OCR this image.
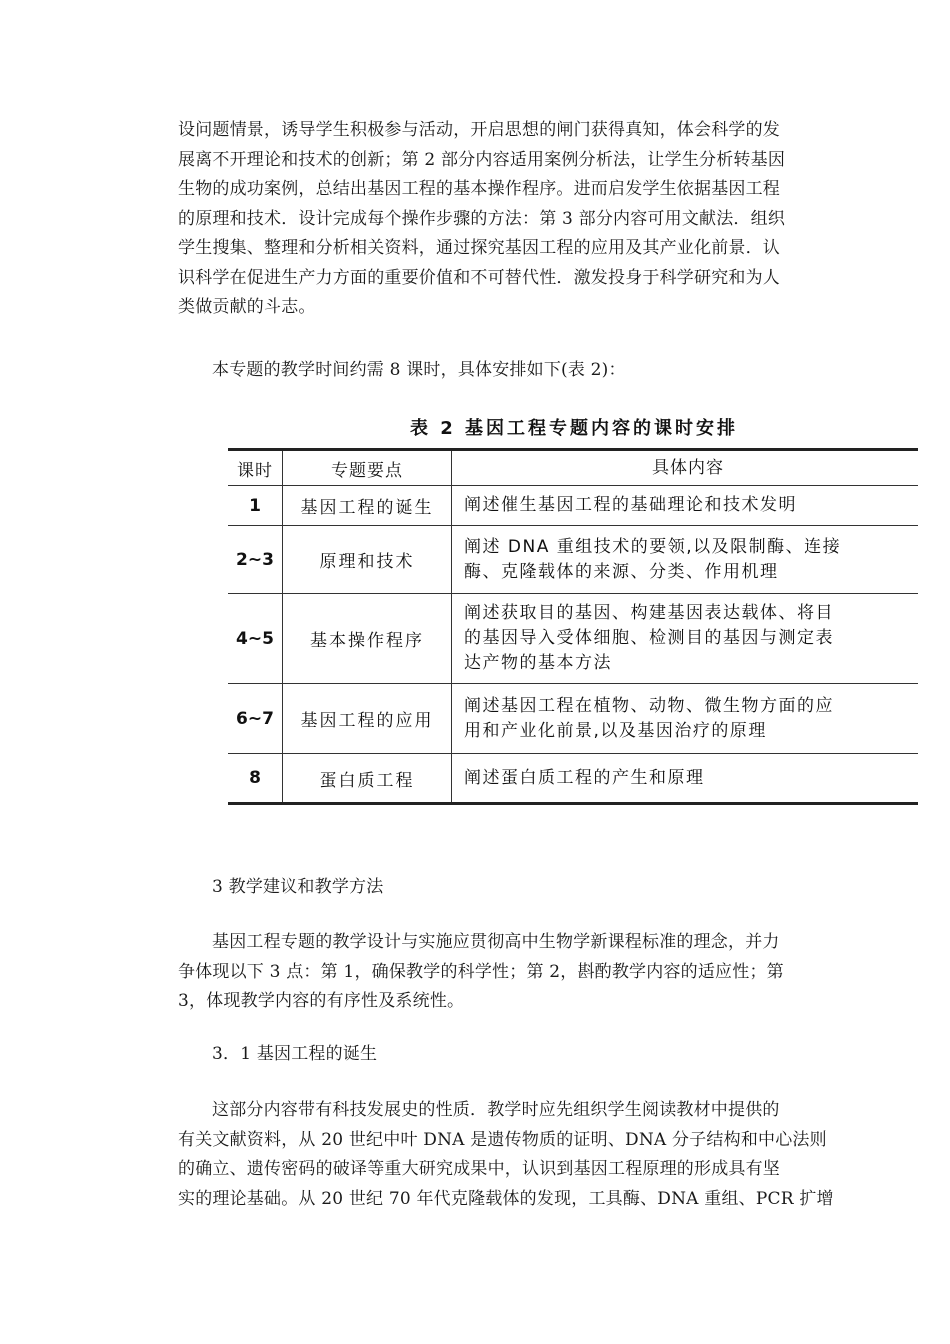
设问题情景，诱导学生积极参与活动，开启思想的闸门获得真知，体会科学的发
展离不开理论和技术的创新；第 2 部分内容适用案例分析法，让学生分析转基因
生物的成功案例，总结出基因工程的基本操作程序。进而启发学生依据基因工程
的原理和技术．设计完成每个操作步骤的方法：第 3 部分内容可用文献法．组织
学生搜集、整理和分析相关资料，通过探究基因工程的应用及其产业化前景．认
识科学在促进生产力方面的重要价值和不可替代性．激发投身于科学研究和为人
类做贡献的斗志。
本专题的教学时间约需 8 课时，具体安排如下(表 2)：
表 2 基因工程专题内容的课时安排
课时	专题要点	具体内容
1	基因工程的诞生	阐述催生基因工程的基础理论和技术发明

2~3	原理和技术	阐述 DNA 重组技术的要领,以及限制酶、连接
酶、克隆载体的来源、分类、作用机理

4~5	基本操作程序	阐述获取目的基因、构建基因表达载体、将目
的基因导入受体细胞、检测目的基因与测定表
达产物的基本方法

6~7	基因工程的应用	阐述基因工程在植物、动物、微生物方面的应
用和产业化前景,以及基因治疗的原理

8	蛋白质工程	阐述蛋白质工程的产生和原理
3 教学建议和教学方法
基因工程专题的教学设计与实施应贯彻高中生物学新课程标准的理念，并力
争体现以下 3 点：第 1，确保教学的科学性；第 2，斟酌教学内容的适应性；第
3，体现教学内容的有序性及系统性。
3．1 基因工程的诞生
这部分内容带有科技发展史的性质．教学时应先组织学生阅读教材中提供的
有关文献资料，从 20 世纪中叶 DNA 是遗传物质的证明、DNA 分子结构和中心法则
的确立、遗传密码的破译等重大研究成果中，认识到基因工程原理的形成具有坚
实的理论基础。从 20 世纪 70 年代克隆载体的发现，工具酶、DNA 重组、PCR 扩增
